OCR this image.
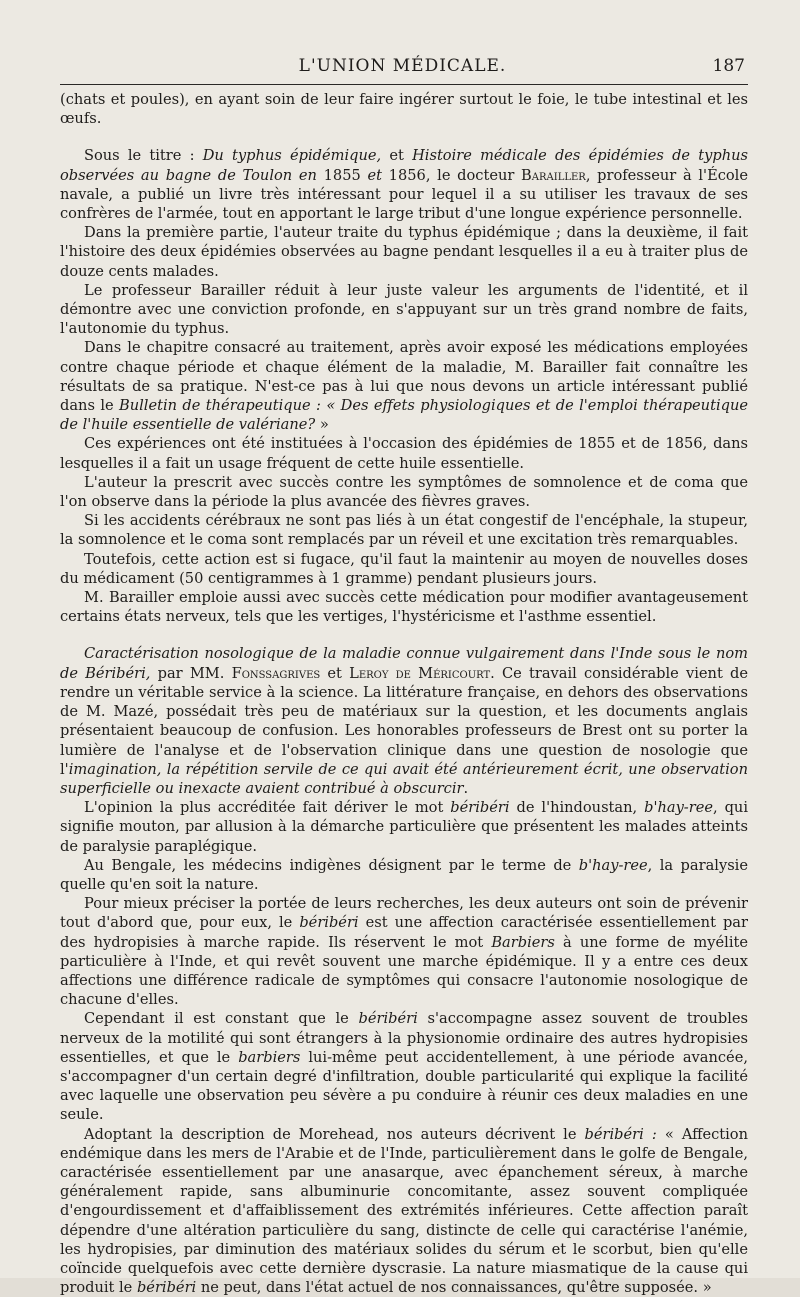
L'UNION MÉDICALE.	187

(chats et poules), en ayant soin de leur faire ingérer surtout le foie, le tube intestinal et les œufs.

Sous le titre : Du typhus épidémique, et Histoire médicale des épidémies de typhus observées au bagne de Toulon en 1855 et 1856, le docteur Barailler, professeur à l'École navale, a publié un livre très intéressant pour lequel il a su utiliser les travaux de ses confrères de l'armée, tout en apportant le large tribut d'une longue expérience personnelle.

Dans la première partie, l'auteur traite du typhus épidémique ; dans la deuxième, il fait l'histoire des deux épidémies observées au bagne pendant lesquelles il a eu à traiter plus de douze cents malades.

Le professeur Barailler réduit à leur juste valeur les arguments de l'identité, et il démontre avec une conviction profonde, en s'appuyant sur un très grand nombre de faits, l'autonomie du typhus.

Dans le chapitre consacré au traitement, après avoir exposé les médications employées contre chaque période et chaque élément de la maladie, M. Barailler fait connaître les résultats de sa pratique. N'est-ce pas à lui que nous devons un article intéressant publié dans le Bulletin de thérapeutique : « Des effets physiologiques et de l'emploi thérapeutique de l'huile essentielle de valériane? »

Ces expériences ont été instituées à l'occasion des épidémies de 1855 et de 1856, dans lesquelles il a fait un usage fréquent de cette huile essentielle.

L'auteur la prescrit avec succès contre les symptômes de somnolence et de coma que l'on observe dans la période la plus avancée des fièvres graves.

Si les accidents cérébraux ne sont pas liés à un état congestif de l'encéphale, la stupeur, la somnolence et le coma sont remplacés par un réveil et une excitation très remarquables.

Toutefois, cette action est si fugace, qu'il faut la maintenir au moyen de nouvelles doses du médicament (50 centigrammes à 1 gramme) pendant plusieurs jours.

M. Barailler emploie aussi avec succès cette médication pour modifier avantageusement certains états nerveux, tels que les vertiges, l'hystéricisme et l'asthme essentiel.

Caractérisation nosologique de la maladie connue vulgairement dans l'Inde sous le nom de Béribéri, par MM. Fonssagrives et Leroy de Méricourt. Ce travail considérable vient de rendre un véritable service à la science. La littérature française, en dehors des observations de M. Mazé, possédait très peu de matériaux sur la question, et les documents anglais présentaient beaucoup de confusion. Les honorables professeurs de Brest ont su porter la lumière de l'analyse et de l'observation clinique dans une question de nosologie que l'imagination, la répétition servile de ce qui avait été antérieurement écrit, une observation superficielle ou inexacte avaient contribué à obscurcir.

L'opinion la plus accréditée fait dériver le mot béribéri de l'hindoustan, b'hay-ree, qui signifie mouton, par allusion à la démarche particulière que présentent les malades atteints de paralysie paraplégique.

Au Bengale, les médecins indigènes désignent par le terme de b'hay-ree, la paralysie quelle qu'en soit la nature.

Pour mieux préciser la portée de leurs recherches, les deux auteurs ont soin de prévenir tout d'abord que, pour eux, le béribéri est une affection caractérisée essentiellement par des hydropisies à marche rapide. Ils réservent le mot Barbiers à une forme de myélite particulière à l'Inde, et qui revêt souvent une marche épidémique. Il y a entre ces deux affections une différence radicale de symptômes qui consacre l'autonomie nosologique de chacune d'elles.

Cependant il est constant que le béribéri s'accompagne assez souvent de troubles nerveux de la motilité qui sont étrangers à la physionomie ordinaire des autres hydropisies essentielles, et que le barbiers lui-même peut accidentellement, à une période avancée, s'accompagner d'un certain degré d'infiltration, double particularité qui explique la facilité avec laquelle une observation peu sévère a pu conduire à réunir ces deux maladies en une seule.

Adoptant la description de Morehead, nos auteurs décrivent le béribéri : « Affection endémique dans les mers de l'Arabie et de l'Inde, particulièrement dans le golfe de Bengale, caractérisée essentiellement par une anasarque, avec épanchement séreux, à marche généralement rapide, sans albuminurie concomitante, assez souvent compliquée d'engourdissement et d'affaiblissement des extrémités inférieures. Cette affection paraît dépendre d'une altération particulière du sang, distincte de celle qui caractérise l'anémie, les hydropisies, par diminution des matériaux solides du sérum et le scorbut, bien qu'elle coïncide quelquefois avec cette dernière dyscrasie. La nature miasmatique de la cause qui produit le béribéri ne peut, dans l'état actuel de nos connaissances, qu'être supposée. »
